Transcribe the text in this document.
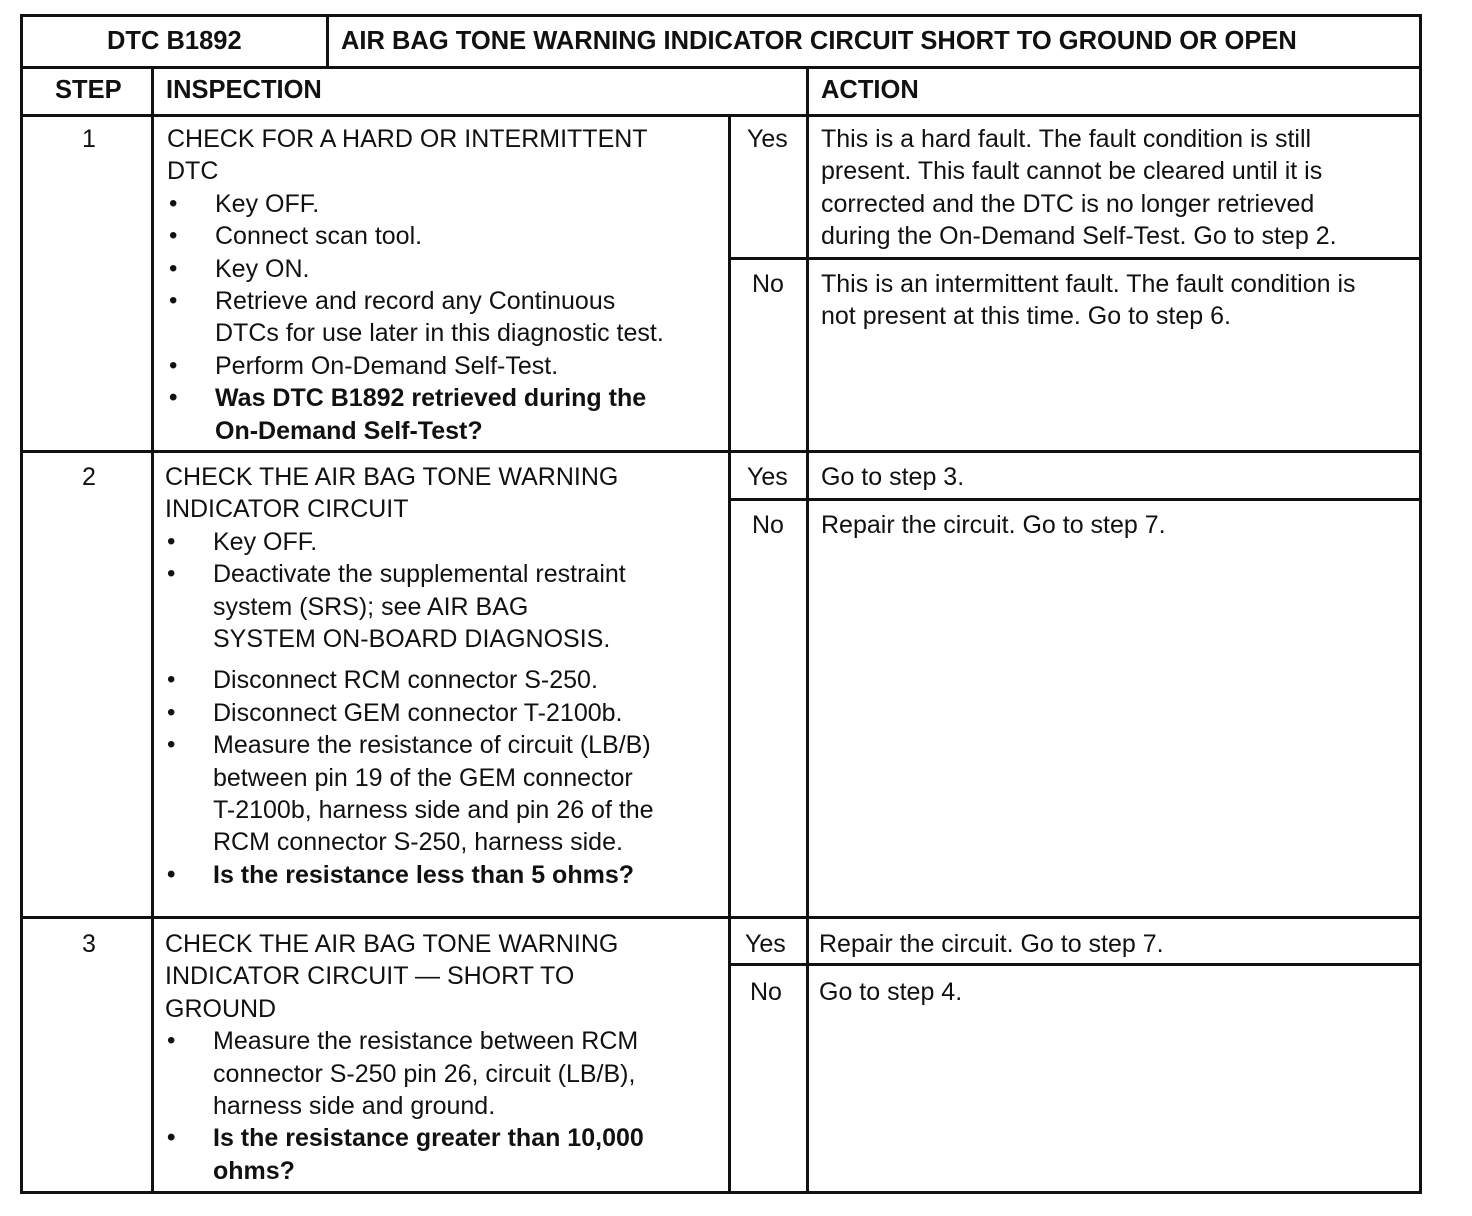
DTC B1892	AIR BAG TONE WARNING INDICATOR CIRCUIT SHORT TO GROUND OR OPEN
STEP INSPECTION	ACTION
1	CHECK FOR A HARD OR INTERMITTENT
DTC
• Key OFF.
• Connect scan tool.
• Key ON.
• Retrieve and record any Continuous
DTCs for use later in this diagnostic test.
• Perform On-Demand Self-Test.
• Was DTC B1892 retrieved during the
On-Demand Self-Test?
Yes This is a hard fault. The fault condition is still
present. This fault cannot be cleared until it is
corrected and the DTC is no longer retrieved
during the On-Demand Self-Test. Go to step 2.
No This is an intermittent fault. The fault condition is
not present at this time. Go to step 6.
2	CHECK THE AIR BAG TONE WARNING
INDICATOR CIRCUIT
• Key OFF.
• Deactivate the supplemental restraint
system (SRS); see AIR BAG
SYSTEM ON-BOARD DIAGNOSIS.
• Disconnect RCM connector S-250.
• Disconnect GEM connector T-2100b.
• Measure the resistance of circuit (LB/B)
between pin 19 of the GEM connector
T-2100b, harness side and pin 26 of the
RCM connector S-250, harness side.
• Is the resistance less than 5 ohms?
Yes Go to step 3.
No Repair the circuit. Go to step 7.
3	CHECK THE AIR BAG TONE WARNING
INDICATOR CIRCUIT — SHORT TO
GROUND
• Measure the resistance between RCM
connector S-250 pin 26, circuit (LB/B),
harness side and ground.
• Is the resistance greater than 10,000
ohms?
Yes Repair the circuit. Go to step 7.
No Go to step 4.
